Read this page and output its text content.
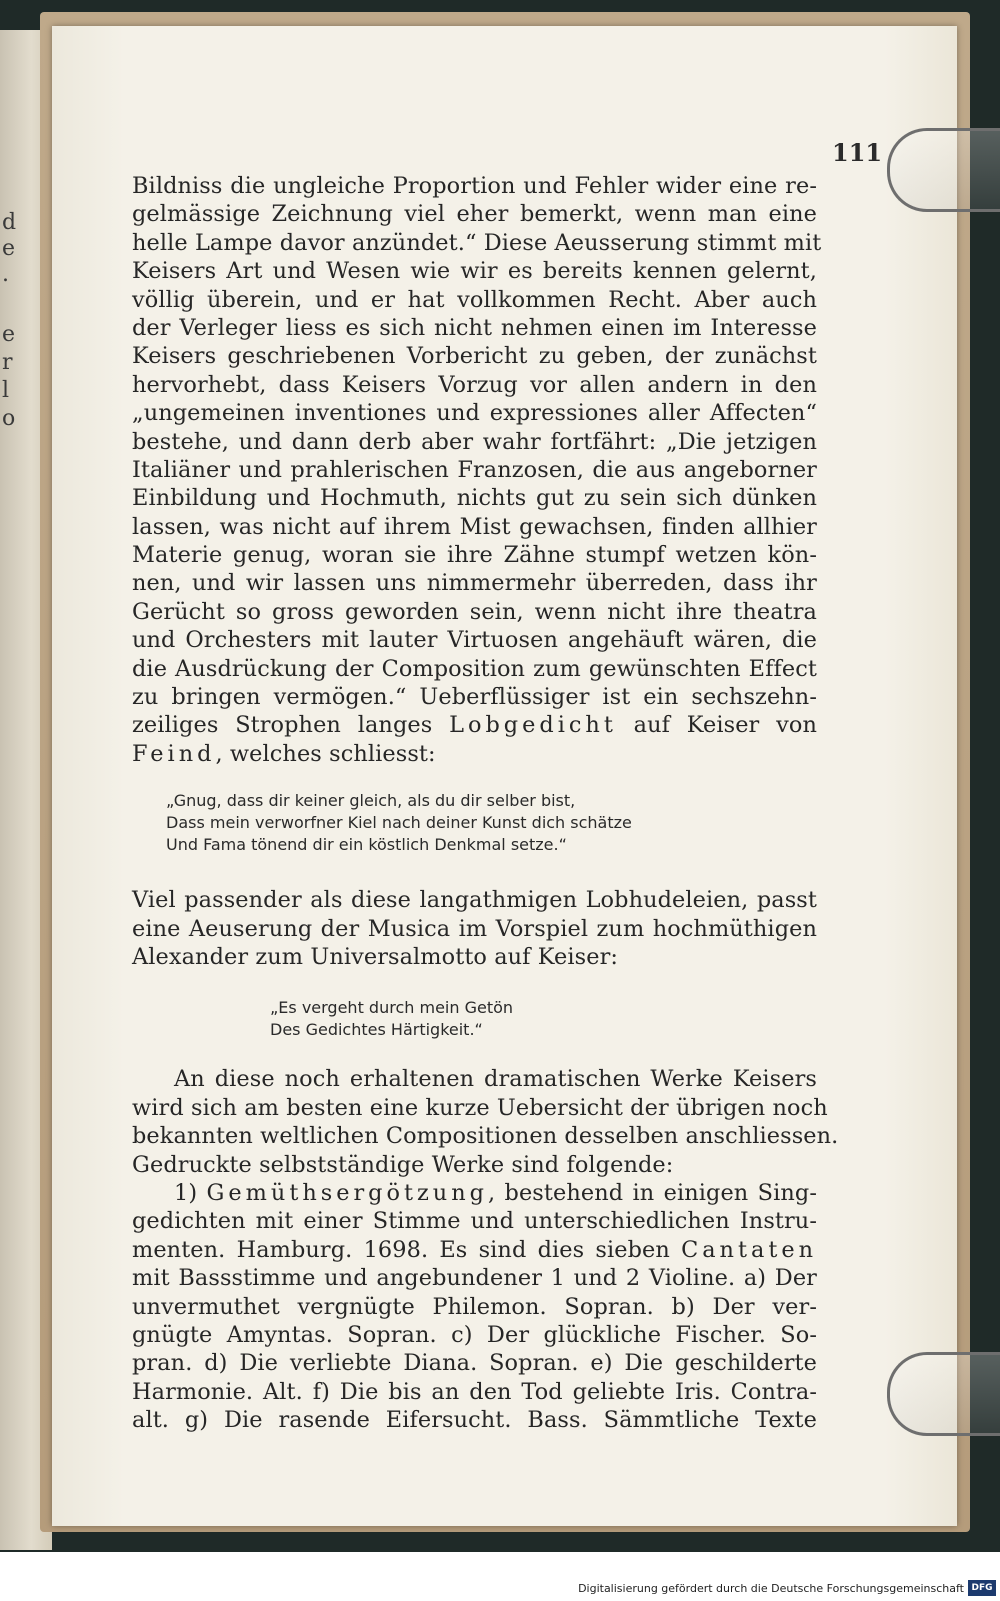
d
e
.
e
r
l
o
111
Bildniss die ungleiche Proportion und Fehler wider eine re-
gelmässige Zeichnung viel eher bemerkt, wenn man eine
helle Lampe davor anzündet.“ Diese Aeusserung stimmt mit
Keisers Art und Wesen wie wir es bereits kennen gelernt,
völlig überein, und er hat vollkommen Recht. Aber auch
der Verleger liess es sich nicht nehmen einen im Interesse
Keisers geschriebenen Vorbericht zu geben, der zunächst
hervorhebt, dass Keisers Vorzug vor allen andern in den
„ungemeinen inventiones und expressiones aller Affecten“
bestehe, und dann derb aber wahr fortfährt: „Die jetzigen
Italiäner und prahlerischen Franzosen, die aus angeborner
Einbildung und Hochmuth, nichts gut zu sein sich dünken
lassen, was nicht auf ihrem Mist gewachsen, finden allhier
Materie genug, woran sie ihre Zähne stumpf wetzen kön-
nen, und wir lassen uns nimmermehr überreden, dass ihr
Gerücht so gross geworden sein, wenn nicht ihre theatra
und Orchesters mit lauter Virtuosen angehäuft wären, die
die Ausdrückung der Composition zum gewünschten Effect
zu bringen vermögen.“ Ueberflüssiger ist ein sechszehn-
zeiliges Strophen langes Lobgedicht auf Keiser von
Feind, welches schliesst:
„Gnug, dass dir keiner gleich, als du dir selber bist,
Dass mein verworfner Kiel nach deiner Kunst dich schätze
Und Fama tönend dir ein köstlich Denkmal setze.“
Viel passender als diese langathmigen Lobhudeleien, passt
eine Aeuserung der Musica im Vorspiel zum hochmüthigen
Alexander zum Universalmotto auf Keiser:
„Es vergeht durch mein Getön
Des Gedichtes Härtigkeit.“
An diese noch erhaltenen dramatischen Werke Keisers
wird sich am besten eine kurze Uebersicht der übrigen noch
bekannten weltlichen Compositionen desselben anschliessen.
Gedruckte selbstständige Werke sind folgende:
1) Gemüthsergötzung, bestehend in einigen Sing-
gedichten mit einer Stimme und unterschiedlichen Instru-
menten. Hamburg. 1698. Es sind dies sieben Cantaten
mit Bassstimme und angebundener 1 und 2 Violine. a) Der
unvermuthet vergnügte Philemon. Sopran. b) Der ver-
gnügte Amyntas. Sopran. c) Der glückliche Fischer. So-
pran. d) Die verliebte Diana. Sopran. e) Die geschilderte
Harmonie. Alt. f) Die bis an den Tod geliebte Iris. Contra-
alt. g) Die rasende Eifersucht. Bass. Sämmtliche Texte
Digitalisierung gefördert durch die Deutsche Forschungsgemeinschaft DFG
